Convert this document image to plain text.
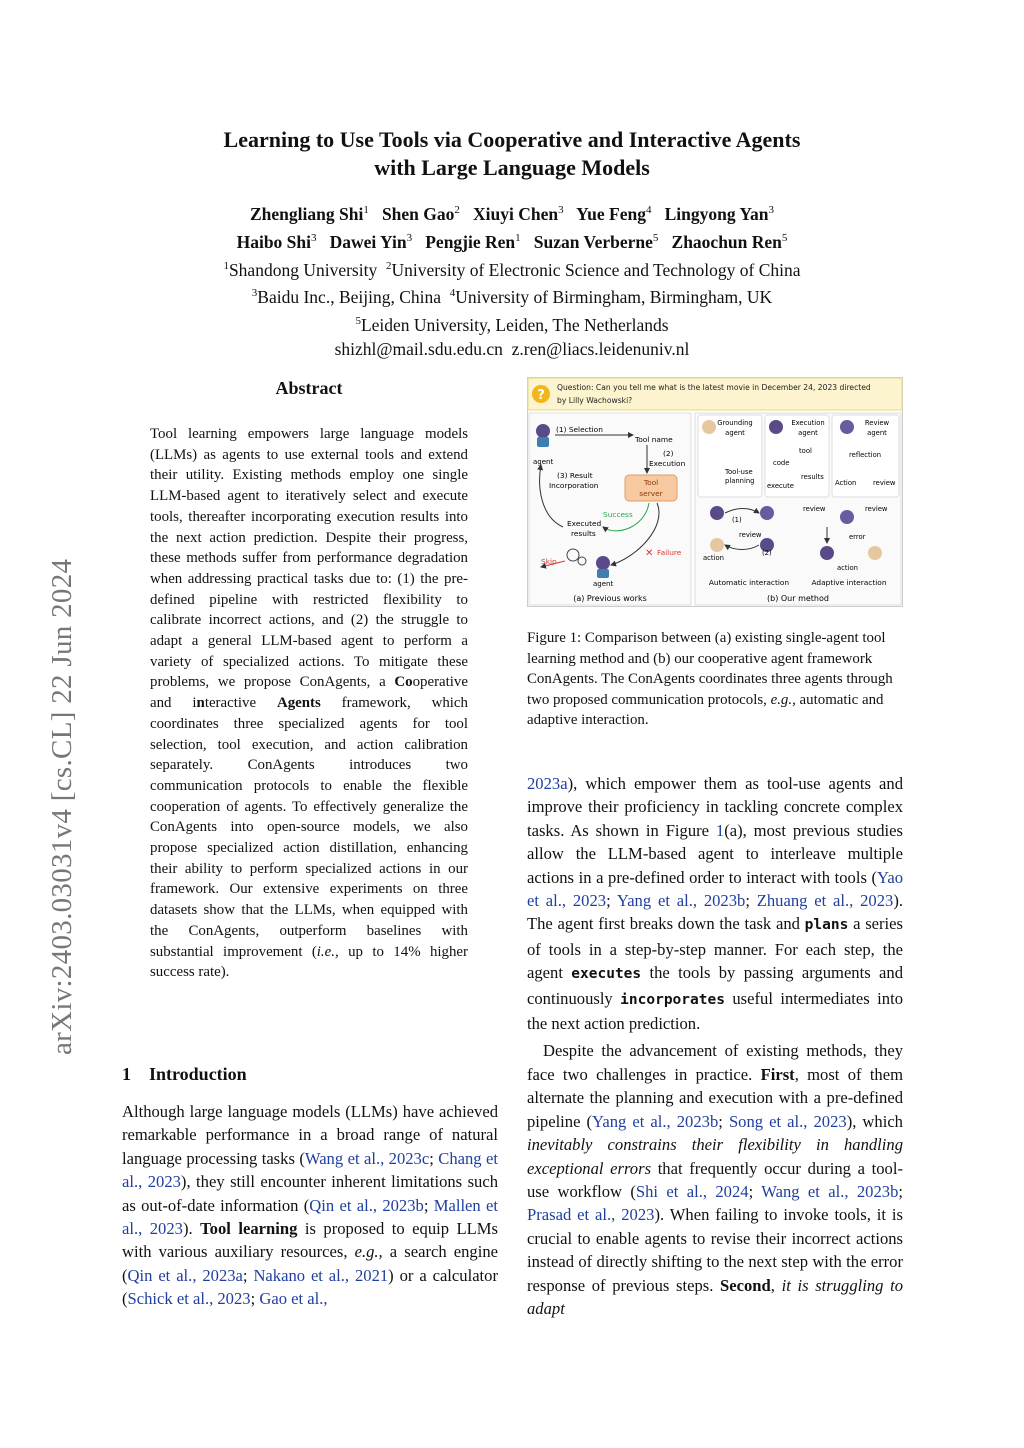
Learning to Use Tools via Cooperative and Interactive Agents
with Large Language Models
Zhengliang Shi$^1$ Shen Gao$^2$ Xiuyi Chen$^3$ Yue Feng$^4$ Lingyong Yan$^3$
Haibo Shi$^3$ Dawei Yin$^3$ Pengjie Ren$^1$ Suzan Verberne$^5$ Zhaochun Ren$^5$
$^1$Shandong University $^2$University of Electronic Science and Technology of China
$^3$Baidu Inc., Beijing, China $^4$University of Birmingham, Birmingham, UK
$^5$Leiden University, Leiden, The Netherlands
shizhl@mail.sdu.edu.cn z.ren@liacs.leidenuniv.nl
arXiv:2403.03031v4 [cs.CL] 22 Jun 2024
Abstract
Tool learning empowers large language models (LLMs) as agents to use external tools and extend their utility. Existing methods employ one single LLM-based agent to iteratively select and execute tools, thereafter incorporating execution results into the next action prediction. Despite their progress, these methods suffer from performance degradation when addressing practical tasks due to: (1) the pre-defined pipeline with restricted flexibility to calibrate incorrect actions, and (2) the struggle to adapt a general LLM-based agent to perform a variety of specialized actions. To mitigate these problems, we propose ConAgents, a Cooperative and interactive Agents framework, which coordinates three specialized agents for tool selection, tool execution, and action calibration separately. ConAgents introduces two communication protocols to enable the flexible cooperation of agents. To effectively generalize the ConAgents into open-source models, we also propose specialized action distillation, enhancing their ability to perform specialized actions in our framework. Our extensive experiments on three datasets show that the LLMs, when equipped with the ConAgents, outperform baselines with substantial improvement (i.e., up to 14% higher success rate).
1 Introduction
Although large language models (LLMs) have achieved remarkable performance in a broad range of natural language processing tasks (Wang et al., 2023c; Chang et al., 2023), they still encounter inherent limitations such as out-of-date information (Qin et al., 2023b; Mallen et al., 2023). Tool learning is proposed to equip LLMs with various auxiliary resources, e.g., a search engine (Qin et al., 2023a; Nakano et al., 2021) or a calculator (Schick et al., 2023; Gao et al.,
?
Question: Can you tell me what is the latest movie in December 24, 2023 directed
by Lilly Wachowski?
agent
(1) Selection
Tool name
(2)
Execution
Tool
server
(3) Result
Incorporation
Success
Executed
results
✕ Failure
agent
Skip
(a) Previous works
Grounding
agent
Tool-use
planning
Execution
agent
tool
code
results
execute
Review
agent
reflection
Action review
(1)
review
(2)
action
review	review
error
action
Automatic interaction	Adaptive interaction
(b) Our method
Figure 1: Comparison between (a) existing single-agent tool learning method and (b) our cooperative agent framework ConAgents. The ConAgents coordinates three agents through two proposed communication protocols, e.g., automatic and adaptive interaction.

2023a), which empower them as tool-use agents and improve their proficiency in tackling concrete complex tasks. As shown in Figure 1(a), most previous studies allow the LLM-based agent to interleave multiple actions in a pre-defined order to interact with tools (Yao et al., 2023; Yang et al., 2023b; Zhuang et al., 2023). The agent first breaks down the task and plans a series of tools in a step-by-step manner. For each step, the agent executes the tools by passing arguments and continuously incorporates useful intermediates into the next action prediction.

Despite the advancement of existing methods, they face two challenges in practice. First, most of them alternate the planning and execution with a pre-defined pipeline (Yang et al., 2023b; Song et al., 2023), which inevitably constrains their flexibility in handling exceptional errors that frequently occur during a tool-use workflow (Shi et al., 2024; Wang et al., 2023b; Prasad et al., 2023). When failing to invoke tools, it is crucial to enable agents to revise their incorrect actions instead of directly shifting to the next step with the error response of previous steps. Second, it is struggling to adapt
